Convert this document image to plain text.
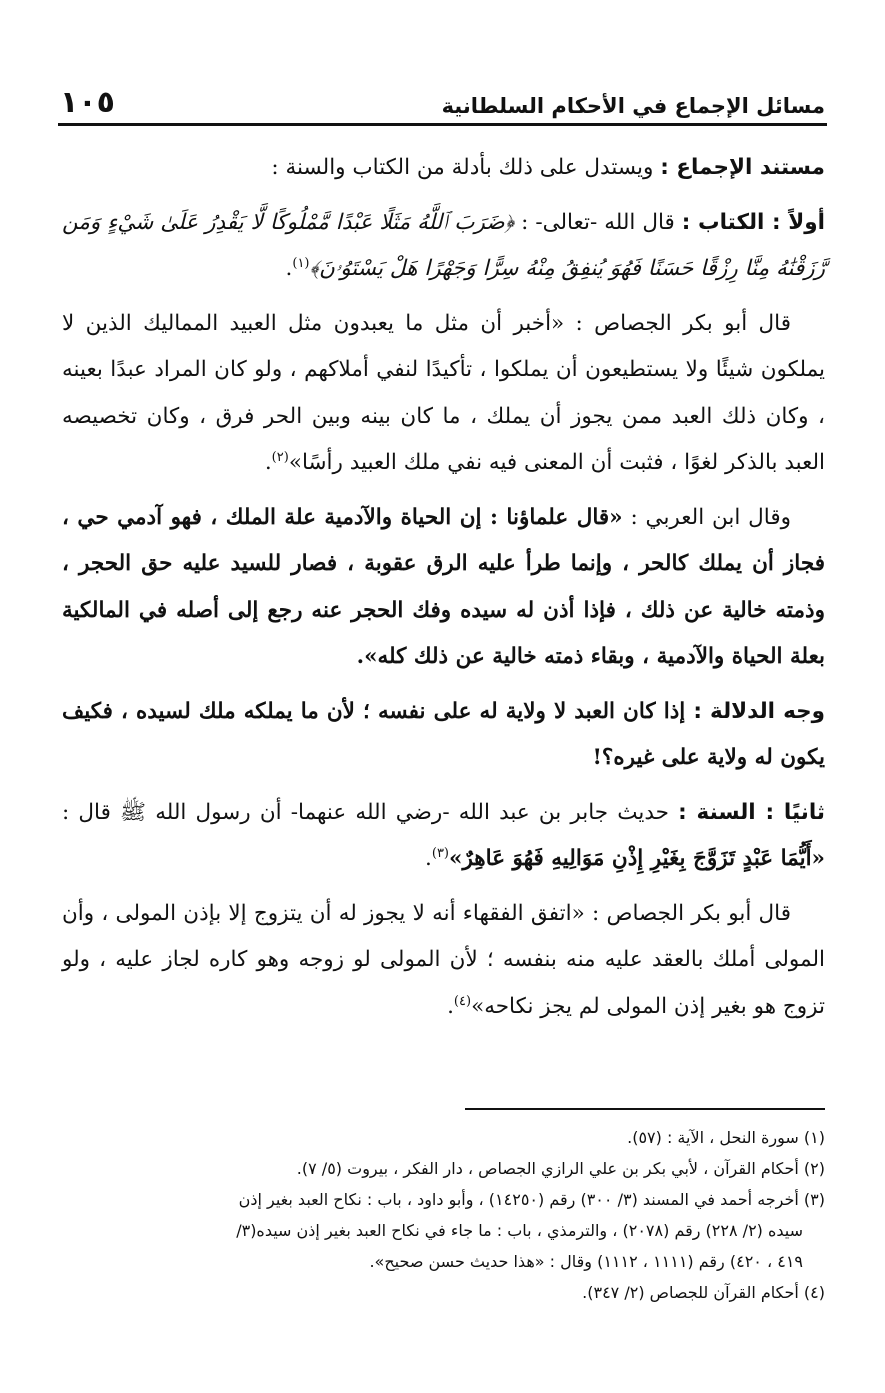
مسائل الإجماع في الأحكام السلطانية
١٠٥

مستند الإجماع : ويستدل على ذلك بأدلة من الكتاب والسنة :

أولاً : الكتاب : قال الله -تعالى- : ﴿ضَرَبَ ٱللَّهُ مَثَلًا عَبْدًا مَّمْلُوكًا لَّا يَقْدِرُ عَلَىٰ شَيْءٍ وَمَن رَّزَقْنَٰهُ مِنَّا رِزْقًا حَسَنًا فَهُوَ يُنفِقُ مِنْهُ سِرًّا وَجَهْرًا هَلْ يَسْتَوُۥنَ﴾$^{(١)}$.

قال أبو بكر الجصاص : «أخبر أن مثل ما يعبدون مثل العبيد المماليك الذين لا يملكون شيئًا ولا يستطيعون أن يملكوا ، تأكيدًا لنفي أملاكهم ، ولو كان المراد عبدًا بعينه ، وكان ذلك العبد ممن يجوز أن يملك ، ما كان بينه وبين الحر فرق ، وكان تخصيصه العبد بالذكر لغوًا ، فثبت أن المعنى فيه نفي ملك العبيد رأسًا»$^{(٢)}$.

وقال ابن العربي : «قال علماؤنا : إن الحياة والآدمية علة الملك ، فهو آدمي حي ، فجاز أن يملك كالحر ، وإنما طرأ عليه الرق عقوبة ، فصار للسيد عليه حق الحجر ، وذمته خالية عن ذلك ، فإذا أذن له سيده وفك الحجر عنه رجع إلى أصله في المالكية بعلة الحياة والآدمية ، وبقاء ذمته خالية عن ذلك كله».

وجه الدلالة : إذا كان العبد لا ولاية له على نفسه ؛ لأن ما يملكه ملك لسيده ، فكيف يكون له ولاية على غيره؟!

ثانيًا : السنة : حديث جابر بن عبد الله -رضي الله عنهما- أن رسول الله ﷺ قال : «أَيُّمَا عَبْدٍ تَزَوَّجَ بِغَيْرِ إِذْنِ مَوَالِيهِ فَهُوَ عَاهِرٌ»$^{(٣)}$.

قال أبو بكر الجصاص : «اتفق الفقهاء أنه لا يجوز له أن يتزوج إلا بإذن المولى ، وأن المولى أملك بالعقد عليه منه بنفسه ؛ لأن المولى لو زوجه وهو كاره لجاز عليه ، ولو تزوج هو بغير إذن المولى لم يجز نكاحه»$^{(٤)}$.

(١) سورة النحل ، الآية : (٥٧).

(٢) أحكام القرآن ، لأبي بكر بن علي الرازي الجصاص ، دار الفكر ، بيروت (٥/ ٧).

(٣) أخرجه أحمد في المسند (٣/ ٣٠٠) رقم (١٤٢٥٠) ، وأبو داود ، باب : نكاح العبد بغير إذن

سيده (٢/ ٢٢٨) رقم (٢٠٧٨) ، والترمذي ، باب : ما جاء في نكاح العبد بغير إذن سيده(٣/

٤١٩ ، ٤٢٠) رقم (١١١١ ، ١١١٢) وقال : «هذا حديث حسن صحيح».

(٤) أحكام القرآن للجصاص (٢/ ٣٤٧).
